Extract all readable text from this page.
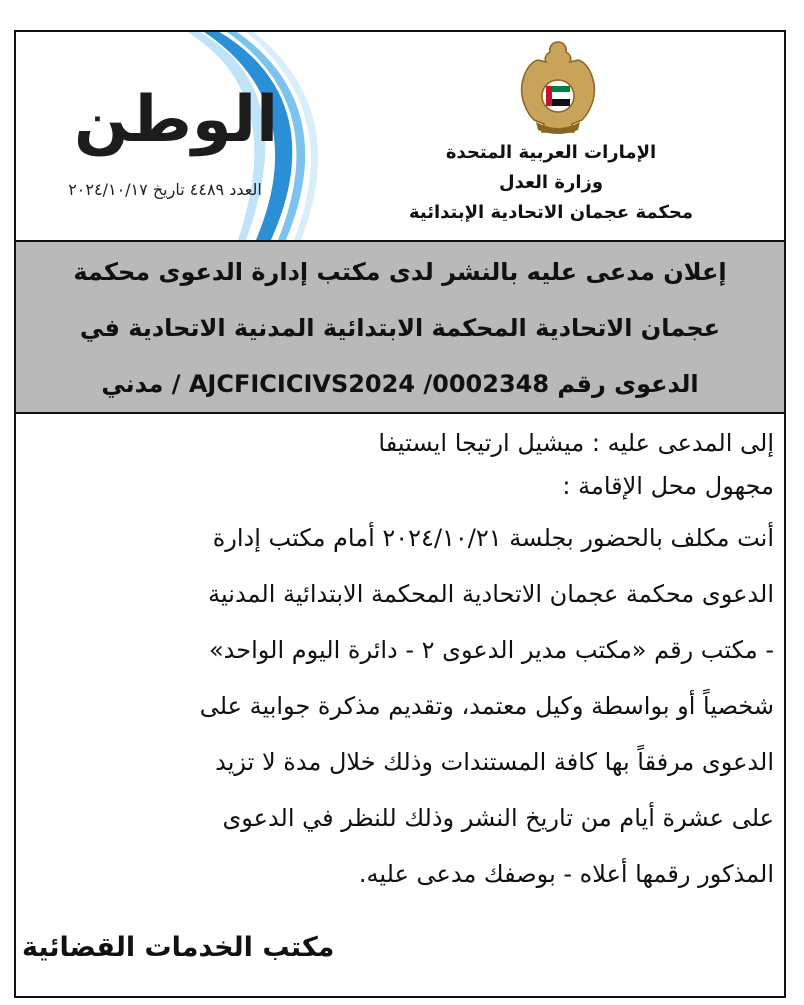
الوطن
العدد ٤٤٨٩ تاريخ ٢٠٢٤/١٠/١٧
الإمارات العربية المتحدة
وزارة العدل
محكمة عجمان الاتحادية الإبتدائية
إعلان مدعى عليه بالنشر لدى مكتب إدارة الدعوى محكمة
عجمان الاتحادية المحكمة الابتدائية المدنية الاتحادية في
الدعوى رقم AJCFICICIVS2024 /0002348 / مدني

إلى المدعى عليه : ميشيل ارتيجا ايستيفا

مجهول محل الإقامة :

أنت مكلف بالحضور بجلسة ٢٠٢٤/١٠/٢١ أمام مكتب إدارة

الدعوى محكمة عجمان الاتحادية المحكمة الابتدائية المدنية

- مكتب رقم «مكتب مدير الدعوى ٢ - دائرة اليوم الواحد»

شخصياً أو بواسطة وكيل معتمد، وتقديم مذكرة جوابية على

الدعوى مرفقاً بها كافة المستندات وذلك خلال مدة لا تزيد

على عشرة أيام من تاريخ النشر وذلك للنظر في الدعوى

المذكور رقمها أعلاه - بوصفك مدعى عليه.

مكتب الخدمات القضائية
